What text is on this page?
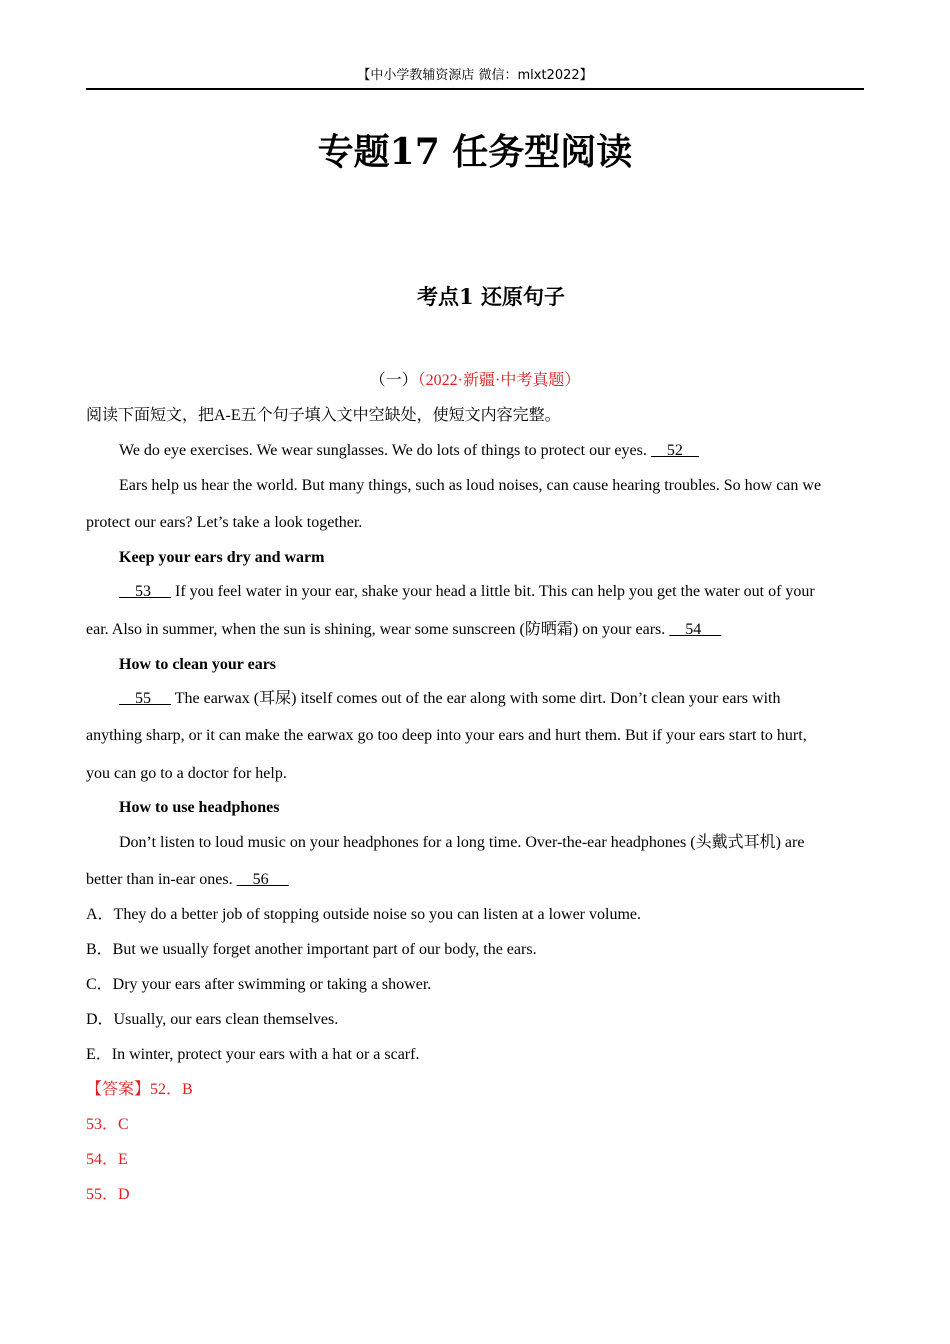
【中小学教辅资源店 微信：mlxt2022】
专题17 任务型阅读
考点1 还原句子
（一）（2022·新疆·中考真题）
阅读下面短文，把A-E五个句子填入文中空缺处，使短文内容完整。
We do eye exercises. We wear sunglasses. We do lots of things to protect our eyes.     52
Ears help us hear the world. But many things, such as loud noises, can cause hearing troubles. So how can we
protect our ears? Let’s take a look together.
Keep your ears dry and warm
53      If you feel water in your ear, shake your head a little bit. This can help you get the water out of your
ear. Also in summer, when the sun is shining, wear some sunscreen (防晒霜) on your ears.     54
How to clean your ears
55      The earwax (耳屎) itself comes out of the ear along with some dirt. Don’t clean your ears with
anything sharp, or it can make the earwax go too deep into your ears and hurt them. But if your ears start to hurt,
you can go to a doctor for help.
How to use headphones
Don’t listen to loud music on your headphones for a long time. Over-the-ear headphones (头戴式耳机) are
better than in-ear ones.     56
A．They do a better job of stopping outside noise so you can listen at a lower volume.
B．But we usually forget another important part of our body, the ears.
C．Dry your ears after swimming or taking a shower.
D．Usually, our ears clean themselves.
E．In winter, protect your ears with a hat or a scarf.
【答案】52．B
53．C
54．E
55．D
